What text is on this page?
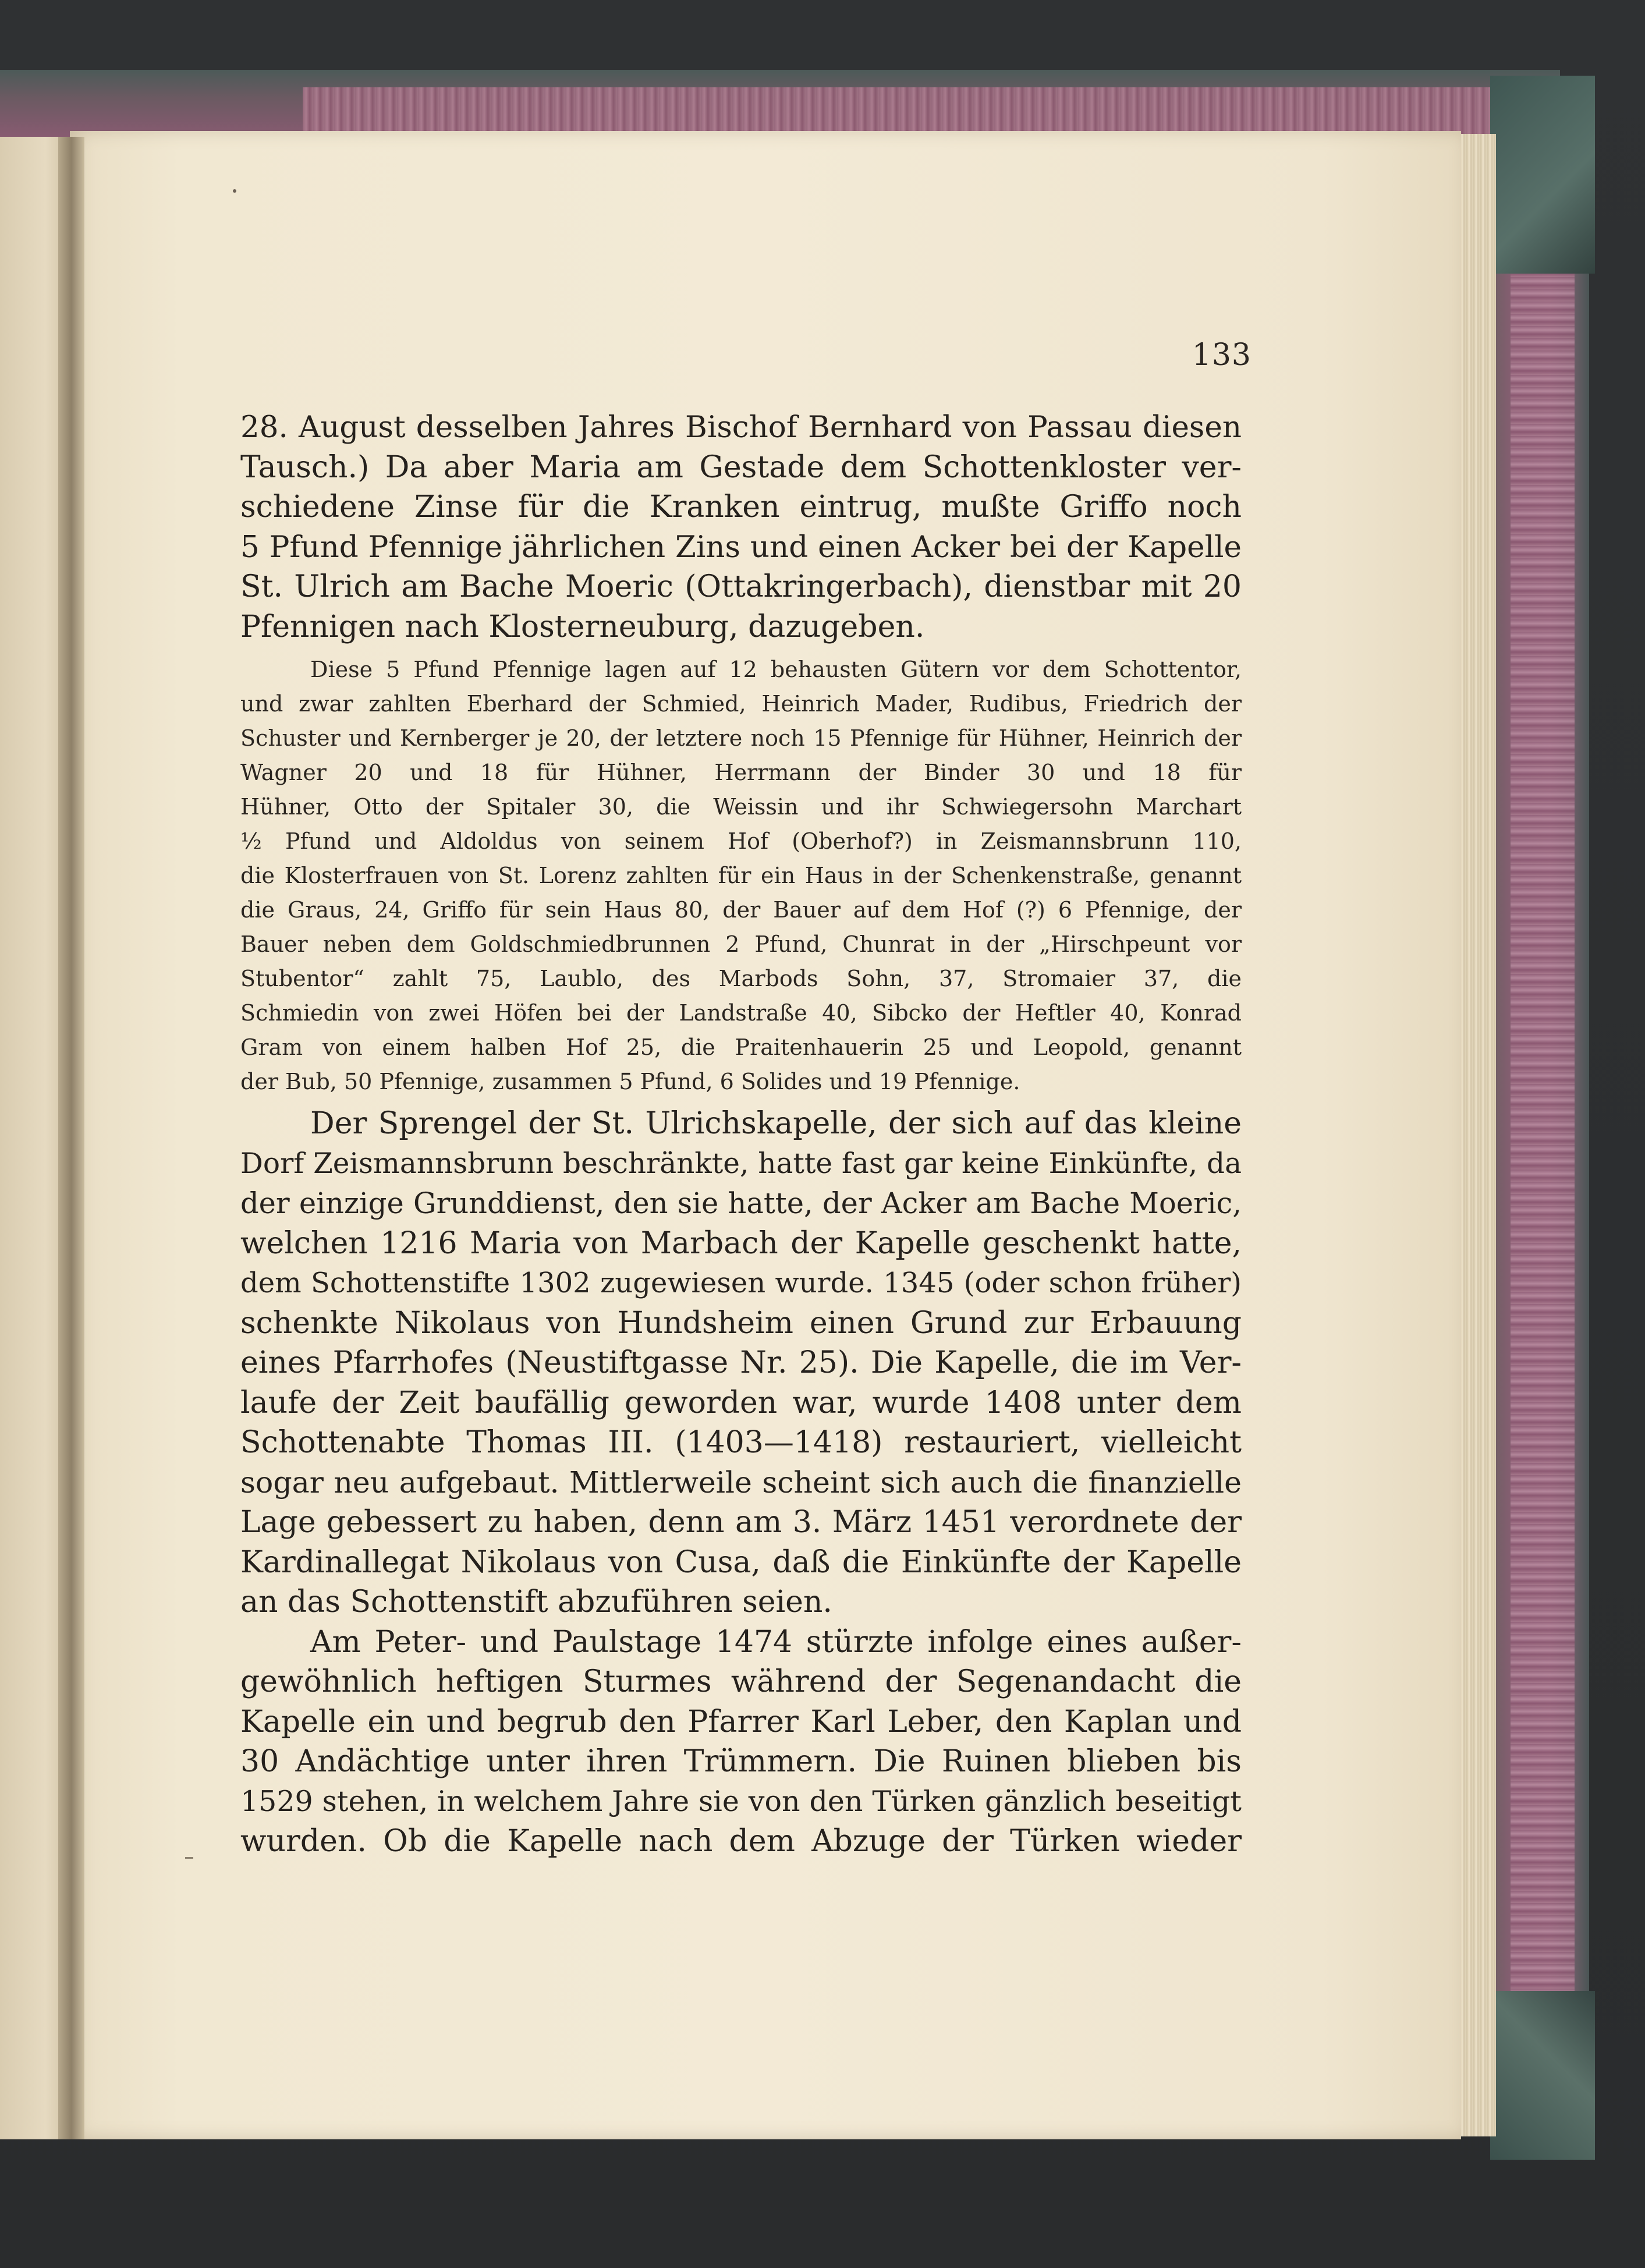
133

28. August desselben Jahres Bischof Bernhard von Passau diesen
Tausch.) Da aber Maria am Gestade dem Schottenkloster ver-
schiedene Zinse für die Kranken eintrug, mußte Griffo noch
5 Pfund Pfennige jährlichen Zins und einen Acker bei der Kapelle
St. Ulrich am Bache Moeric (Ottakringerbach), dienstbar mit 20
Pfennigen nach Klosterneuburg, dazugeben.

Diese 5 Pfund Pfennige lagen auf 12 behausten Gütern vor dem Schottentor,
und zwar zahlten Eberhard der Schmied, Heinrich Mader, Rudibus, Friedrich der
Schuster und Kernberger je 20, der letztere noch 15 Pfennige für Hühner, Heinrich der
Wagner 20 und 18 für Hühner, Herrmann der Binder 30 und 18 für
Hühner, Otto der Spitaler 30, die Weissin und ihr Schwiegersohn Marchart
½ Pfund und Aldoldus von seinem Hof (Oberhof?) in Zeismannsbrunn 110,
die Klosterfrauen von St. Lorenz zahlten für ein Haus in der Schenkenstraße, genannt
die Graus, 24, Griffo für sein Haus 80, der Bauer auf dem Hof (?) 6 Pfennige, der
Bauer neben dem Goldschmiedbrunnen 2 Pfund, Chunrat in der „Hirschpeunt vor
Stubentor“ zahlt 75, Laublo, des Marbods Sohn, 37, Stromaier 37, die
Schmiedin von zwei Höfen bei der Landstraße 40, Sibcko der Heftler 40, Konrad
Gram von einem halben Hof 25, die Praitenhauerin 25 und Leopold, genannt
der Bub, 50 Pfennige, zusammen 5 Pfund, 6 Solides und 19 Pfennige.

Der Sprengel der St. Ulrichskapelle, der sich auf das kleine
Dorf Zeismannsbrunn beschränkte, hatte fast gar keine Einkünfte, da
der einzige Grunddienst, den sie hatte, der Acker am Bache Moeric,
welchen 1216 Maria von Marbach der Kapelle geschenkt hatte,
dem Schottenstifte 1302 zugewiesen wurde. 1345 (oder schon früher)
schenkte Nikolaus von Hundsheim einen Grund zur Erbauung
eines Pfarrhofes (Neustiftgasse Nr. 25). Die Kapelle, die im Ver-
laufe der Zeit baufällig geworden war, wurde 1408 unter dem
Schottenabte Thomas III. (1403—1418) restauriert, vielleicht
sogar neu aufgebaut. Mittlerweile scheint sich auch die finanzielle
Lage gebessert zu haben, denn am 3. März 1451 verordnete der
Kardinallegat Nikolaus von Cusa, daß die Einkünfte der Kapelle
an das Schottenstift abzuführen seien.

Am Peter- und Paulstage 1474 stürzte infolge eines außer-
gewöhnlich heftigen Sturmes während der Segenandacht die
Kapelle ein und begrub den Pfarrer Karl Leber, den Kaplan und
30 Andächtige unter ihren Trümmern. Die Ruinen blieben bis
1529 stehen, in welchem Jahre sie von den Türken gänzlich beseitigt
wurden. Ob die Kapelle nach dem Abzuge der Türken wieder
